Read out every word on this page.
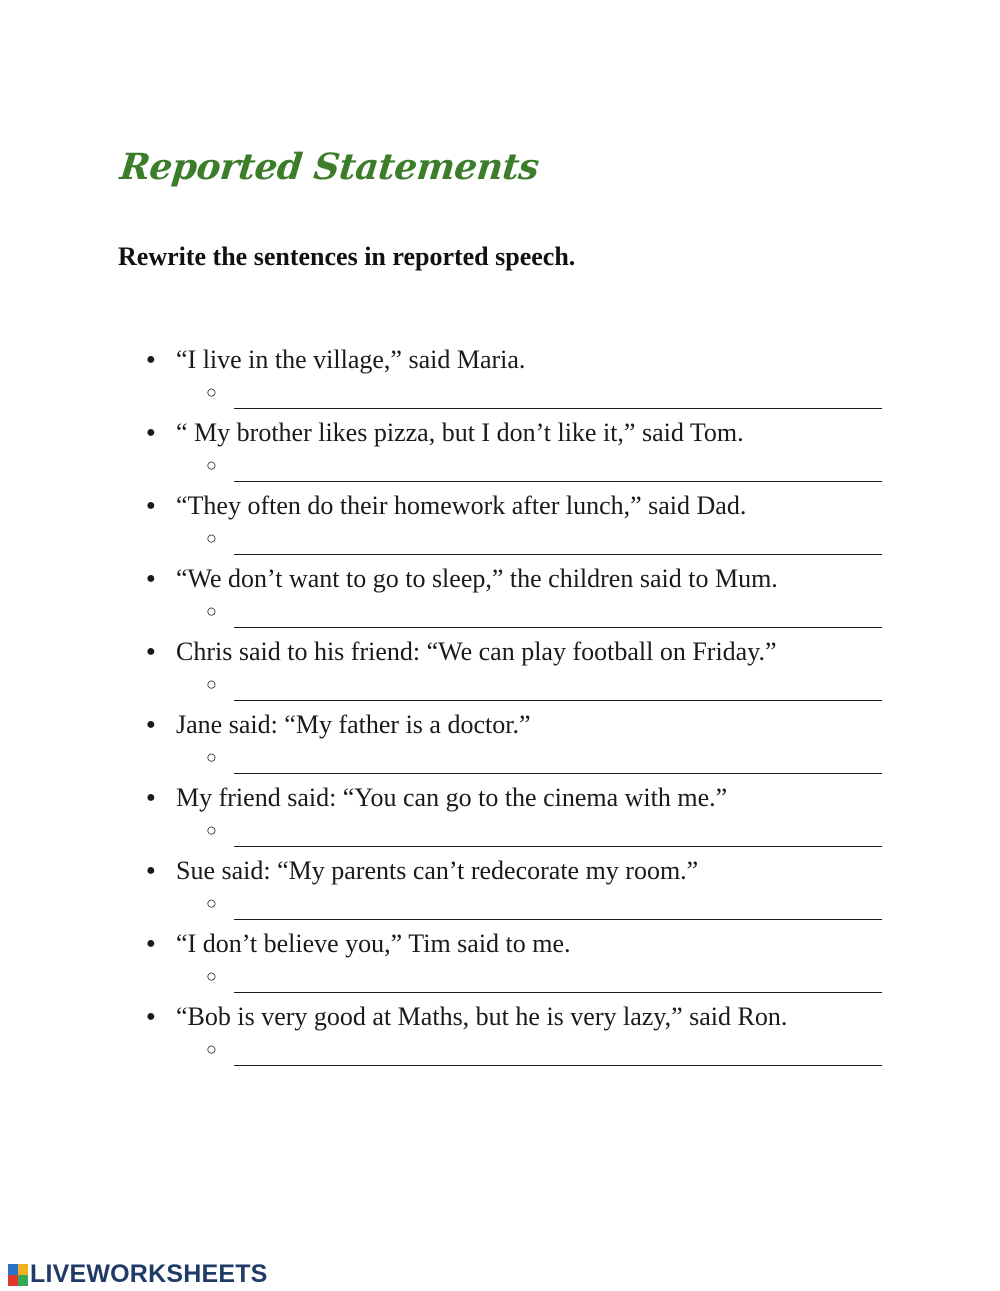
Reported Statements
Rewrite the sentences in reported speech.
● “I live in the village,” said Maria.
○
● “ My brother likes pizza, but I don’t like it,” said Tom.
○
● “They often do their homework after lunch,” said Dad.
○
● “We don’t want to go to sleep,” the children said to Mum.
○
● Chris said to his friend: “We can play football on Friday.”
○
● Jane said: “My father is a doctor.”
○
● My friend said: “You can go to the cinema with me.”
○
● Sue said: “My parents can’t redecorate my room.”
○
● “I don’t believe you,” Tim said to me.
○
● “Bob is very good at Maths, but he is very lazy,” said Ron.
○
LIVEWORKSHEETS
